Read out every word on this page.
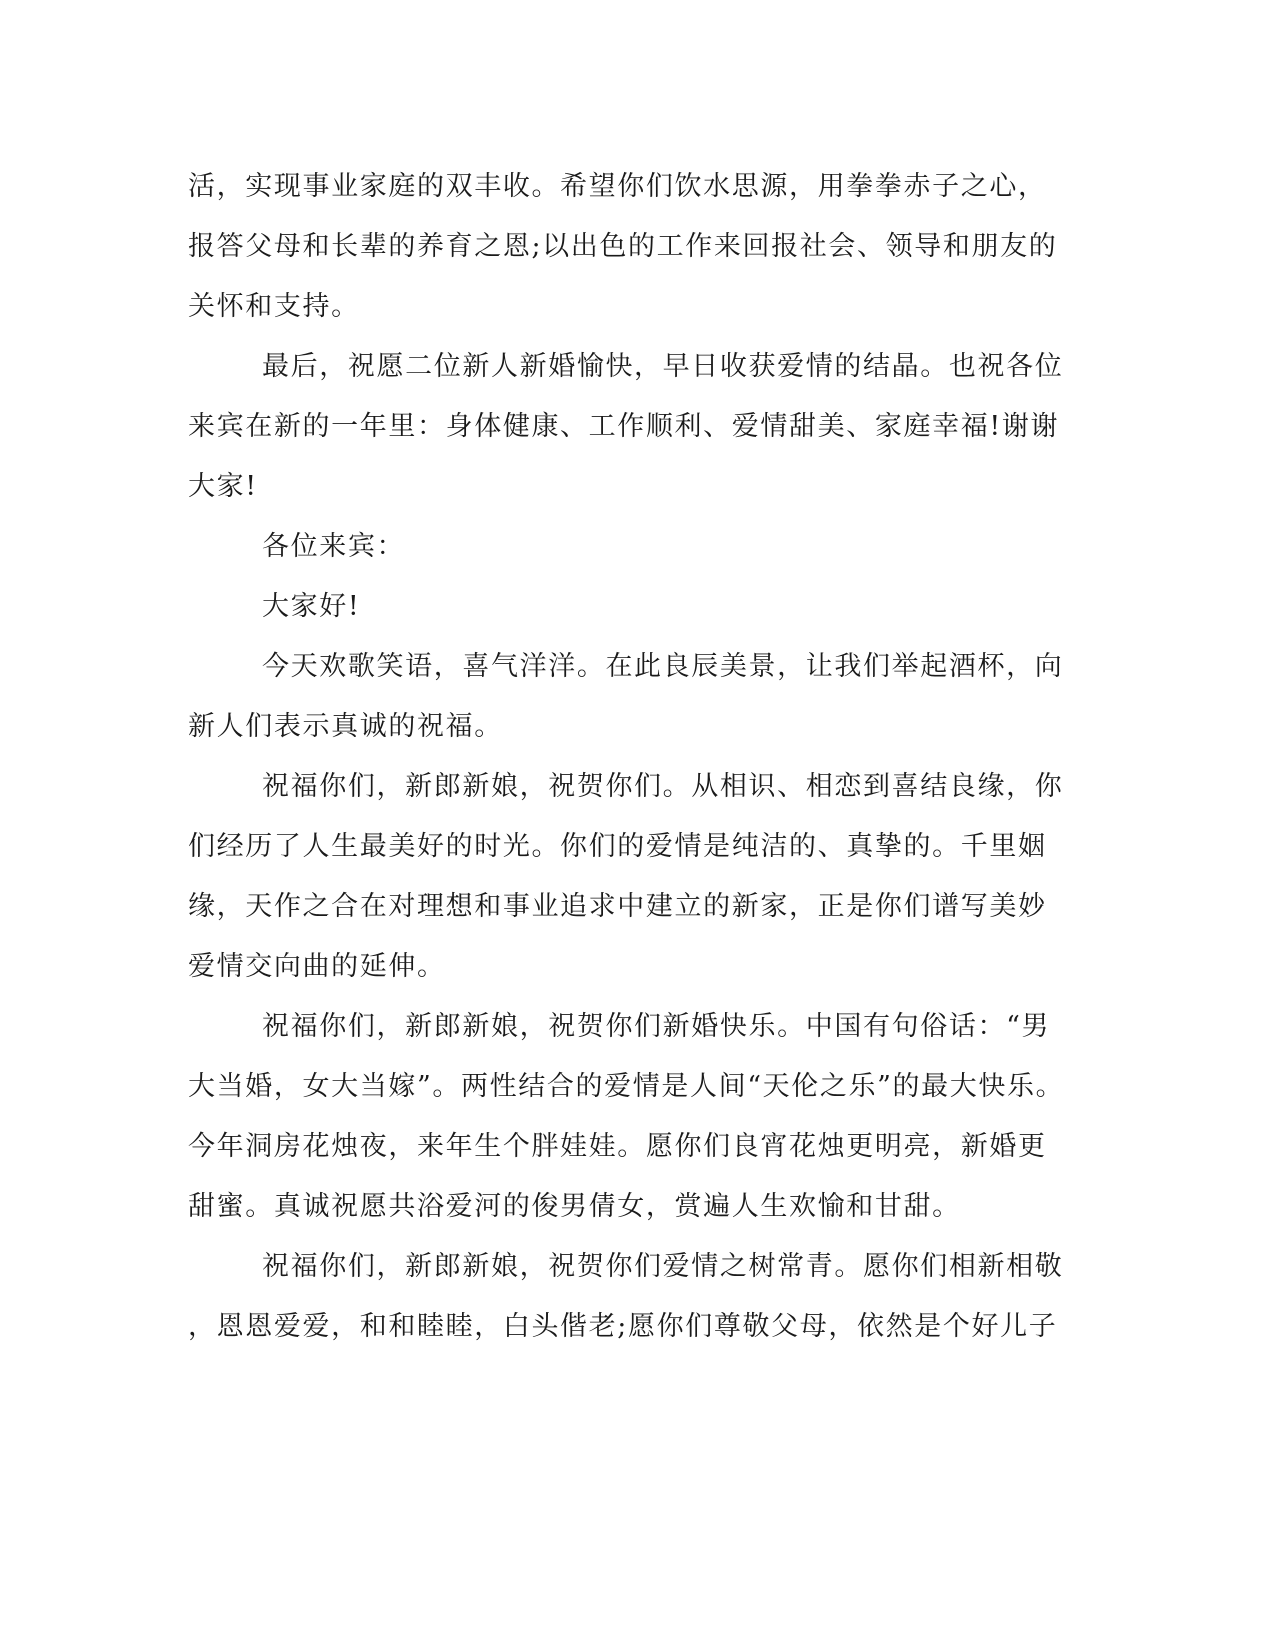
活，实现事业家庭的双丰收。希望你们饮水思源，用拳拳赤子之心，
报答父母和长辈的养育之恩;以出色的工作来回报社会、领导和朋友的
关怀和支持。
最后，祝愿二位新人新婚愉快，早日收获爱情的结晶。也祝各位
来宾在新的一年里：身体健康、工作顺利、爱情甜美、家庭幸福!谢谢
大家!
各位来宾：
大家好!
今天欢歌笑语，喜气洋洋。在此良辰美景，让我们举起酒杯，向
新人们表示真诚的祝福。
祝福你们，新郎新娘，祝贺你们。从相识、相恋到喜结良缘，你
们经历了人生最美好的时光。你们的爱情是纯洁的、真挚的。千里姻
缘，天作之合在对理想和事业追求中建立的新家，正是你们谱写美妙
爱情交向曲的延伸。
祝福你们，新郎新娘，祝贺你们新婚快乐。中国有句俗话：“男
大当婚，女大当嫁”。两性结合的爱情是人间“天伦之乐”的最大快乐。
今年洞房花烛夜，来年生个胖娃娃。愿你们良宵花烛更明亮，新婚更
甜蜜。真诚祝愿共浴爱河的俊男倩女，赏遍人生欢愉和甘甜。
祝福你们，新郎新娘，祝贺你们爱情之树常青。愿你们相新相敬
，恩恩爱爱，和和睦睦，白头偕老;愿你们尊敬父母，依然是个好儿子
